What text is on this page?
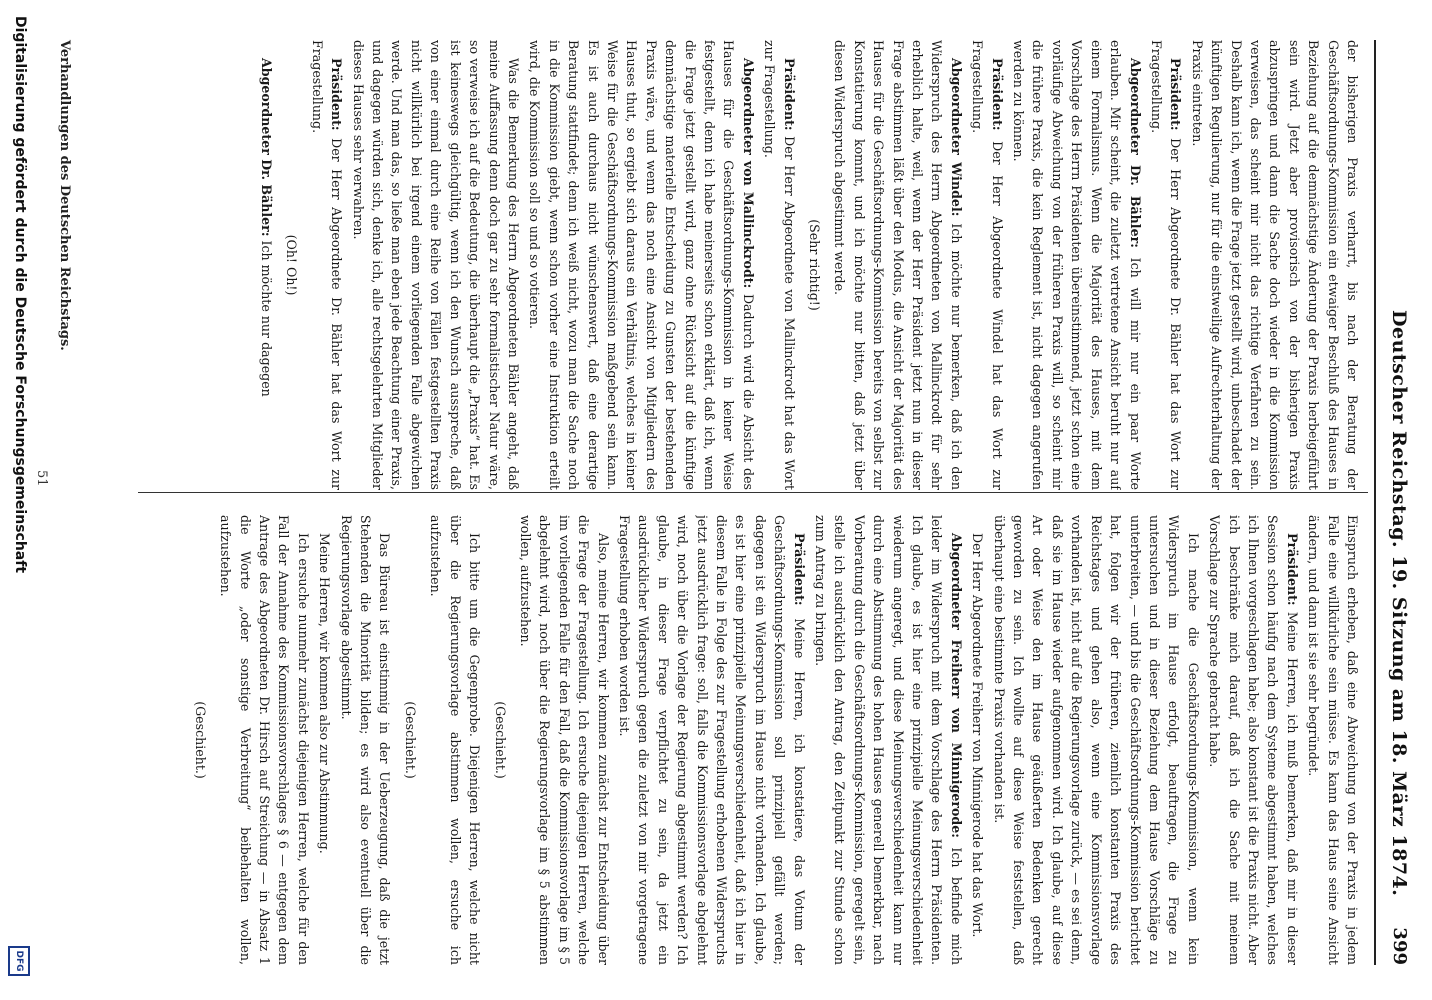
Deutscher Reichstag. 19. Sitzung am 18. März 1874.
399

der bisherigen Praxis verharrt, bis nach der Beratung der Geschäftsordnungs-Kommission ein etwaiger Beschluß des Hauses in Beziehung auf die demnächstige Änderung der Praxis herbeigeführt sein wird. Jetzt aber provisorisch von der bisherigen Praxis abzuspringen und dann die Sache doch wieder in die Kommission verweisen, das scheint mir nicht das richtige Verfahren zu sein. Deshalb kann ich, wenn die Frage jetzt gestellt wird, unbeschadet der künftigen Regulierung, nur für die einstweilige Aufrechterhaltung der Praxis eintreten.

Präsident: Der Herr Abgeordnete Dr. Bähler hat das Wort zur Fragestellung.

Abgeordneter Dr. Bähler: Ich will mir nur ein paar Worte erlauben. Mir scheint, die zuletzt vertretene Ansicht beruht nur auf einem Formalismus. Wenn die Majorität des Hauses, mit dem Vorschlage des Herrn Präsidenten übereinstimmend, jetzt schon eine vorläufige Abweichung von der früheren Praxis will, so scheint mir die frühere Praxis, die kein Reglement ist, nicht dagegen angerufen werden zu können.

Präsident: Der Herr Abgeordnete Windel hat das Wort zur Fragestellung.

Abgeordneter Windel: Ich möchte nur bemerken, daß ich den Widerspruch des Herrn Abgeordneten von Mallinckrodt für sehr erheblich halte, weil, wenn der Herr Präsident jetzt nun in dieser Frage abstimmen läßt über den Modus, die Ansicht der Majorität des Hauses für die Geschäftsordnungs-Kommission bereits von selbst zur Konstatierung kommt, und ich möchte nur bitten, daß jetzt über diesen Widerspruch abgestimmt werde.

(Sehr richtig!)

Präsident: Der Herr Abgeordnete von Mallinckrodt hat das Wort zur Fragestellung.

Abgeordneter von Mallinckrodt: Dadurch wird die Absicht des Hauses für die Geschäftsordnungs-Kommission in keiner Weise festgestellt, denn ich habe meinerseits schon erklärt, daß ich, wenn die Frage jetzt gestellt wird, ganz ohne Rücksicht auf die künftige demnächstige materielle Entscheidung zu Gunsten der bestehenden Praxis wäre, und wenn das noch eine Ansicht von Mitgliedern des Hauses thut, so ergiebt sich daraus ein Verhältnis, welches in keiner Weise für die Geschäftsordnungs-Kommission maßgebend sein kann. Es ist auch durchaus nicht wünschenswert, daß eine derartige Beratung stattfindet; denn ich weiß nicht, wozu man die Sache noch in die Kommission giebt, wenn schon vorher eine Instruktion erteilt wird, die Kommission soll so und so votieren.

Was die Bemerkung des Herrn Abgeordneten Bähler angeht, daß meine Auffassung denn doch gar zu sehr formalistischer Natur wäre, so verweise ich auf die Bedeutung, die überhaupt die „Praxis“ hat. Es ist keineswegs gleichgültig, wenn ich den Wunsch ausspreche, daß von einer einmal durch eine Reihe von Fällen festgestellten Praxis nicht willkürlich bei irgend einem vorliegenden Falle abgewichen werde. Und man das, so ließe man eben jede Beachtung einer Praxis, und dagegen würden sich, denke ich, alle rechtsgelehrten Mitglieder dieses Hauses sehr verwahren.

Präsident: Der Herr Abgeordnete Dr. Bähler hat das Wort zur Fragestellung.

(Oh! Oh!)

Abgeordneter Dr. Bähler: Ich möchte nur dagegen

Einspruch erheben, daß eine Abweichung von der Praxis in jedem Falle eine willkürliche sein müsse. Es kann das Haus seine Ansicht ändern, und dann ist sie sehr begründet.

Präsident: Meine Herren, ich muß bemerken, daß mir in dieser Session schon häufig nach dem Systeme abgestimmt haben, welches ich Ihnen vorgeschlagen habe; also konstant ist die Praxis nicht. Aber ich beschränke mich darauf, daß ich die Sache mit meinem Vorschlage zur Sprache gebracht habe.

Ich mache die Geschäftsordnungs-Kommission, wenn kein Widerspruch im Hause erfolgt, beauftragen, die Frage zu untersuchen und in dieser Beziehung dem Hause Vorschläge zu unterbreiten, — und bis die Geschäftsordnungs-Kommission berichtet hat, folgen wir der früheren, ziemlich konstanten Praxis des Reichstages und gehen also, wenn eine Kommissionsvorlage vorhanden ist, nicht auf die Regierungsvorlage zurück, — es sei denn, daß sie im Hause wieder aufgenommen wird. Ich glaube, auf diese Art oder Weise den im Hause geäußerten Bedenken gerecht geworden zu sein. Ich wollte auf diese Weise feststellen, daß überhaupt eine bestimmte Praxis vorhanden ist.

Der Herr Abgeordnete Freiherr von Minnigerode hat das Wort.

Abgeordneter Freiherr von Minnigerode: Ich befinde mich leider im Widerspruch mit dem Vorschlage des Herrn Präsidenten. Ich glaube, es ist hier eine prinzipielle Meinungsverschiedenheit wiederum angeregt, und diese Meinungsverschiedenheit kann nur durch eine Abstimmung des hohen Hauses generell bemerkbar, nach Vorberatung durch die Geschäftsordnungs-Kommission, geregelt sein, stelle ich ausdrücklich den Antrag, den Zeitpunkt zur Stunde schon zum Antrag zu bringen.

Präsident: Meine Herren, ich konstatiere, das Votum der Geschäftsordnungs-Kommission soll prinzipiell gefällt werden; dagegen ist ein Widerspruch im Hause nicht vorhanden. Ich glaube, es ist hier eine prinzipielle Meinungsverschiedenheit, daß ich hier in diesem Falle in Folge des zur Fragestellung erhobenen Widerspruchs jetzt ausdrücklich frage: soll, falls die Kommissionsvorlage abgelehnt wird, noch über die Vorlage der Regierung abgestimmt werden? Ich glaube, in dieser Frage verpflichtet zu sein, da jetzt ein ausdrücklicher Widerspruch gegen die zuletzt von mir vorgetragene Fragestellung erhoben worden ist.

Also, meine Herren, wir kommen zunächst zur Entscheidung über die Frage der Fragestellung. Ich ersuche diejenigen Herren, welche im vorliegenden Falle für den Fall, daß die Kommissionsvorlage im § 5 abgelehnt wird, noch über die Regierungsvorlage im § 5 abstimmen wollen, aufzustehen.

(Geschieht.)

Ich bitte um die Gegenprobe. Diejenigen Herren, welche nicht über die Regierungsvorlage abstimmen wollen, ersuche ich aufzustehen.

(Geschieht.)

Das Büreau ist einstimmig in der Ueberzeugung, daß die jetzt Stehenden die Minorität bilden; es wird also eventuell über die Regierungsvorlage abgestimmt.

Meine Herren, wir kommen also zur Abstimmung.

Ich ersuche nunmehr zunächst diejenigen Herren, welche für den Fall der Annahme des Kommissionsvorschlages § 6 — entgegen dem Antrage des Abgeordneten Dr. Hirsch auf Streichung — in Absatz 1 die Worte „oder sonstige Verbreitung“ beibehalten wollen, aufzustehen.

(Geschieht.)

Verhandlungen des Deutschen Reichstags.
51
Digitalisierung gefördert durch die Deutsche Forschungsgemeinschaft
DFG
